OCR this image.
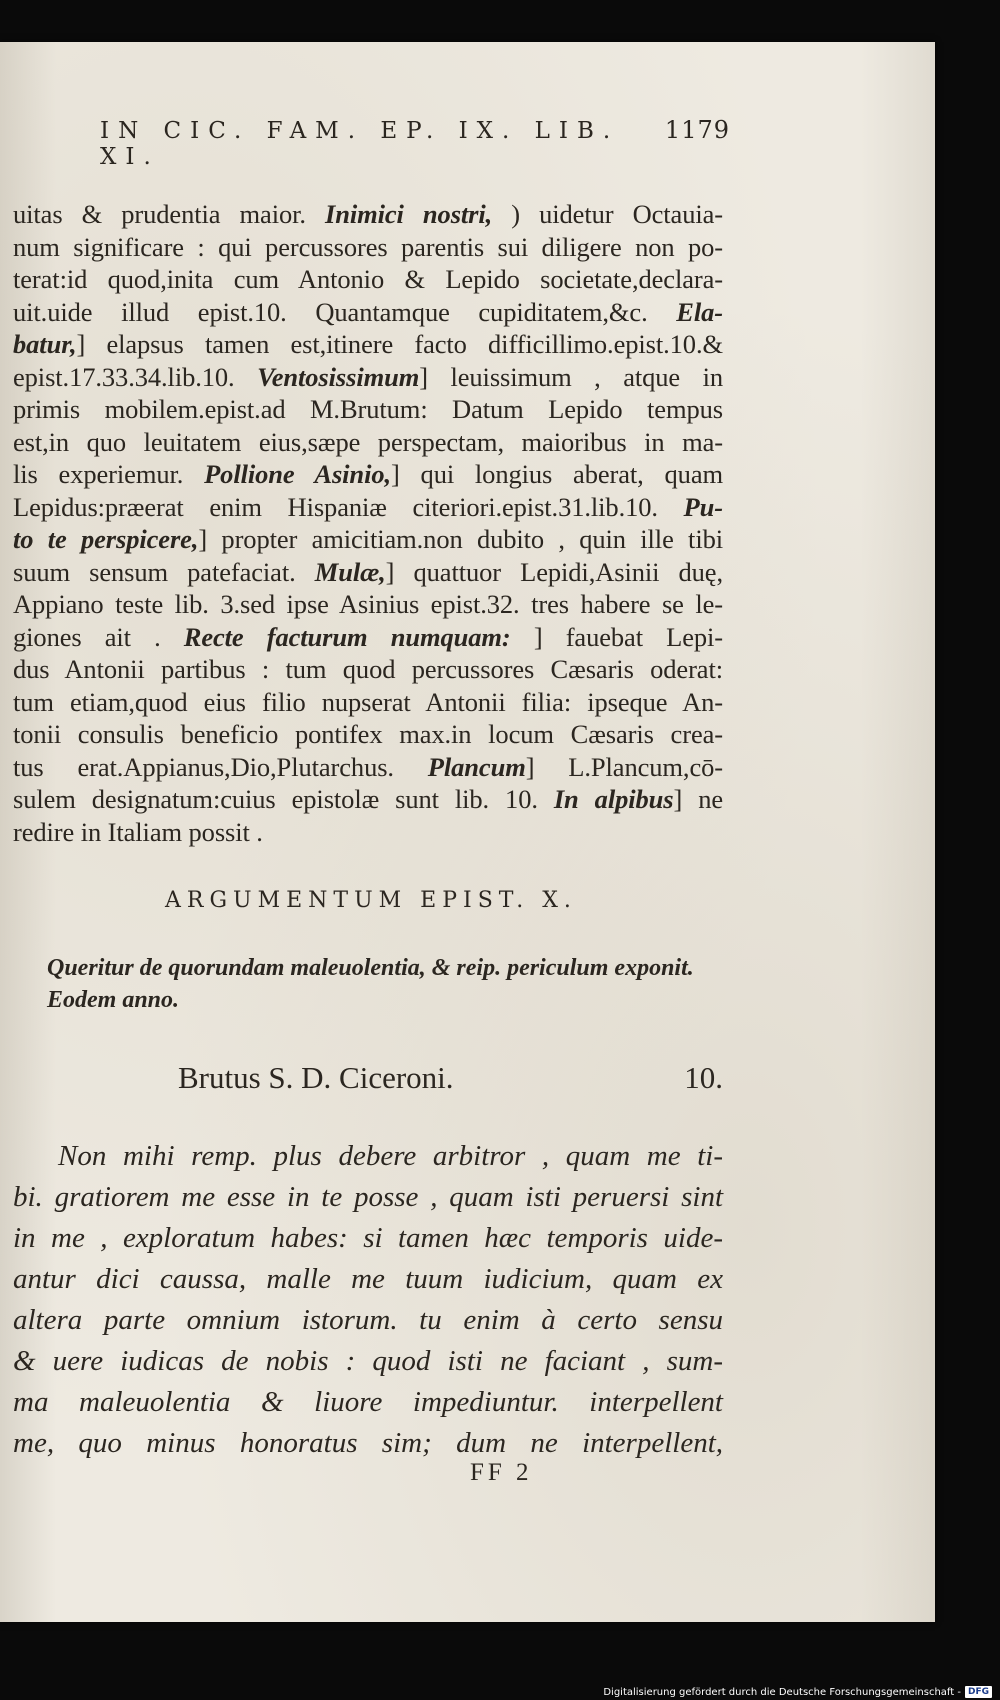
IN CIC. FAM. EP. IX. LIB. XI.
1179
uitas & prudentia maior. Inimici nostri, ) uidetur Octauia-
num significare : qui percussores parentis sui diligere non po-
terat:id quod,inita cum Antonio & Lepido societate,declara-
uit.uide illud epist.10. Quantamque cupiditatem,&c. Ela-
batur,] elapsus tamen est,itinere facto difficillimo.epist.10.&
epist.17.33.34.lib.10. Ventosissimum] leuissimum , atque in
primis mobilem.epist.ad M.Brutum: Datum Lepido tempus
est,in quo leuitatem eius,sæpe perspectam, maioribus in ma-
lis experiemur. Pollione Asinio,] qui longius aberat, quam
Lepidus:præerat enim Hispaniæ citeriori.epist.31.lib.10. Pu-
to te perspicere,] propter amicitiam.non dubito , quin ille tibi
suum sensum patefaciat. Mulæ,] quattuor Lepidi,Asinii duę,
Appiano teste lib. 3.sed ipse Asinius epist.32. tres habere se le-
giones ait . Recte facturum numquam: ] fauebat Lepi-
dus Antonii partibus : tum quod percussores Cæsaris oderat:
tum etiam,quod eius filio nupserat Antonii filia: ipseque An-
tonii consulis beneficio pontifex max.in locum Cæsaris crea-
tus erat.Appianus,Dio,Plutarchus. Plancum] L.Plancum,cō-
sulem designatum:cuius epistolæ sunt lib. 10. In alpibus] ne
redire in Italiam possit .
ARGUMENTUM EPIST. X.
Queritur de quorundam maleuolentia, & reip. periculum exponit. Eodem anno.
Brutus S. D. Ciceroni.	10.
Non mihi remp. plus debere arbitror , quam me ti-
bi. gratiorem me esse in te posse , quam isti peruersi sint
in me , exploratum habes: si tamen hæc temporis uide-
antur dici caussa, malle me tuum iudicium, quam ex
altera parte omnium istorum. tu enim à certo sensu
& uere iudicas de nobis : quod isti ne faciant , sum-
ma maleuolentia & liuore impediuntur. interpellent
me, quo minus honoratus sim; dum ne interpellent,
FF 2
Digitalisierung gefördert durch die Deutsche Forschungsgemeinschaft - DFG
